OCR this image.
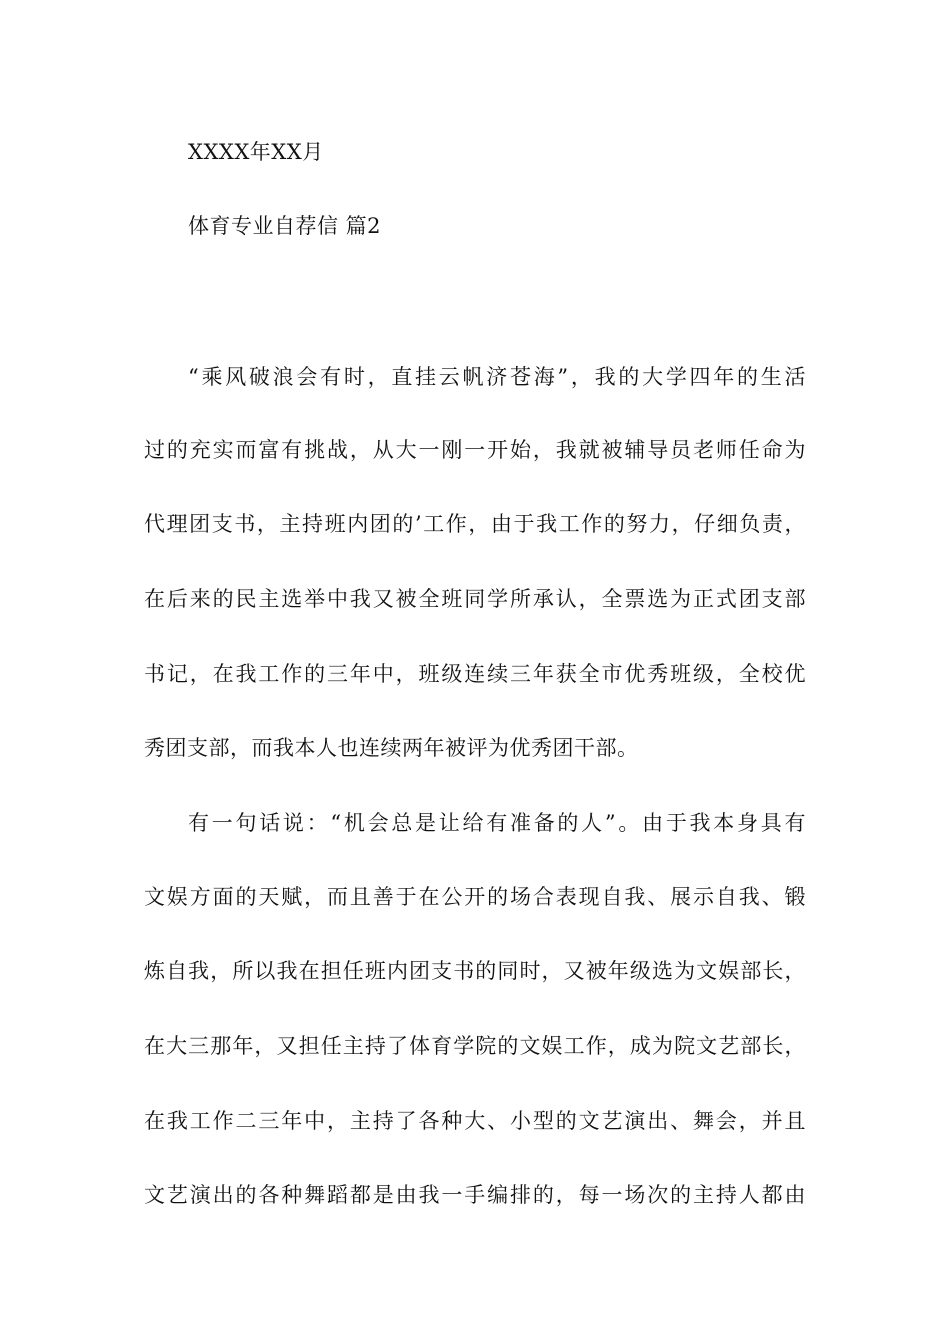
XXXX年XX月
体育专业自荐信 篇2
“乘风破浪会有时，直挂云帆济苍海”，我的大学四年的生活
过的充实而富有挑战，从大一刚一开始，我就被辅导员老师任命为
代理团支书，主持班内团的’工作，由于我工作的努力，仔细负责，
在后来的民主选举中我又被全班同学所承认，全票选为正式团支部
书记，在我工作的三年中，班级连续三年获全市优秀班级，全校优
秀团支部，而我本人也连续两年被评为优秀团干部。
有一句话说：“机会总是让给有准备的人”。由于我本身具有
文娱方面的天赋，而且善于在公开的场合表现自我、展示自我、锻
炼自我，所以我在担任班内团支书的同时，又被年级选为文娱部长，
在大三那年，又担任主持了体育学院的文娱工作，成为院文艺部长，
在我工作二三年中，主持了各种大、小型的文艺演出、舞会，并且
文艺演出的各种舞蹈都是由我一手编排的，每一场次的主持人都由
